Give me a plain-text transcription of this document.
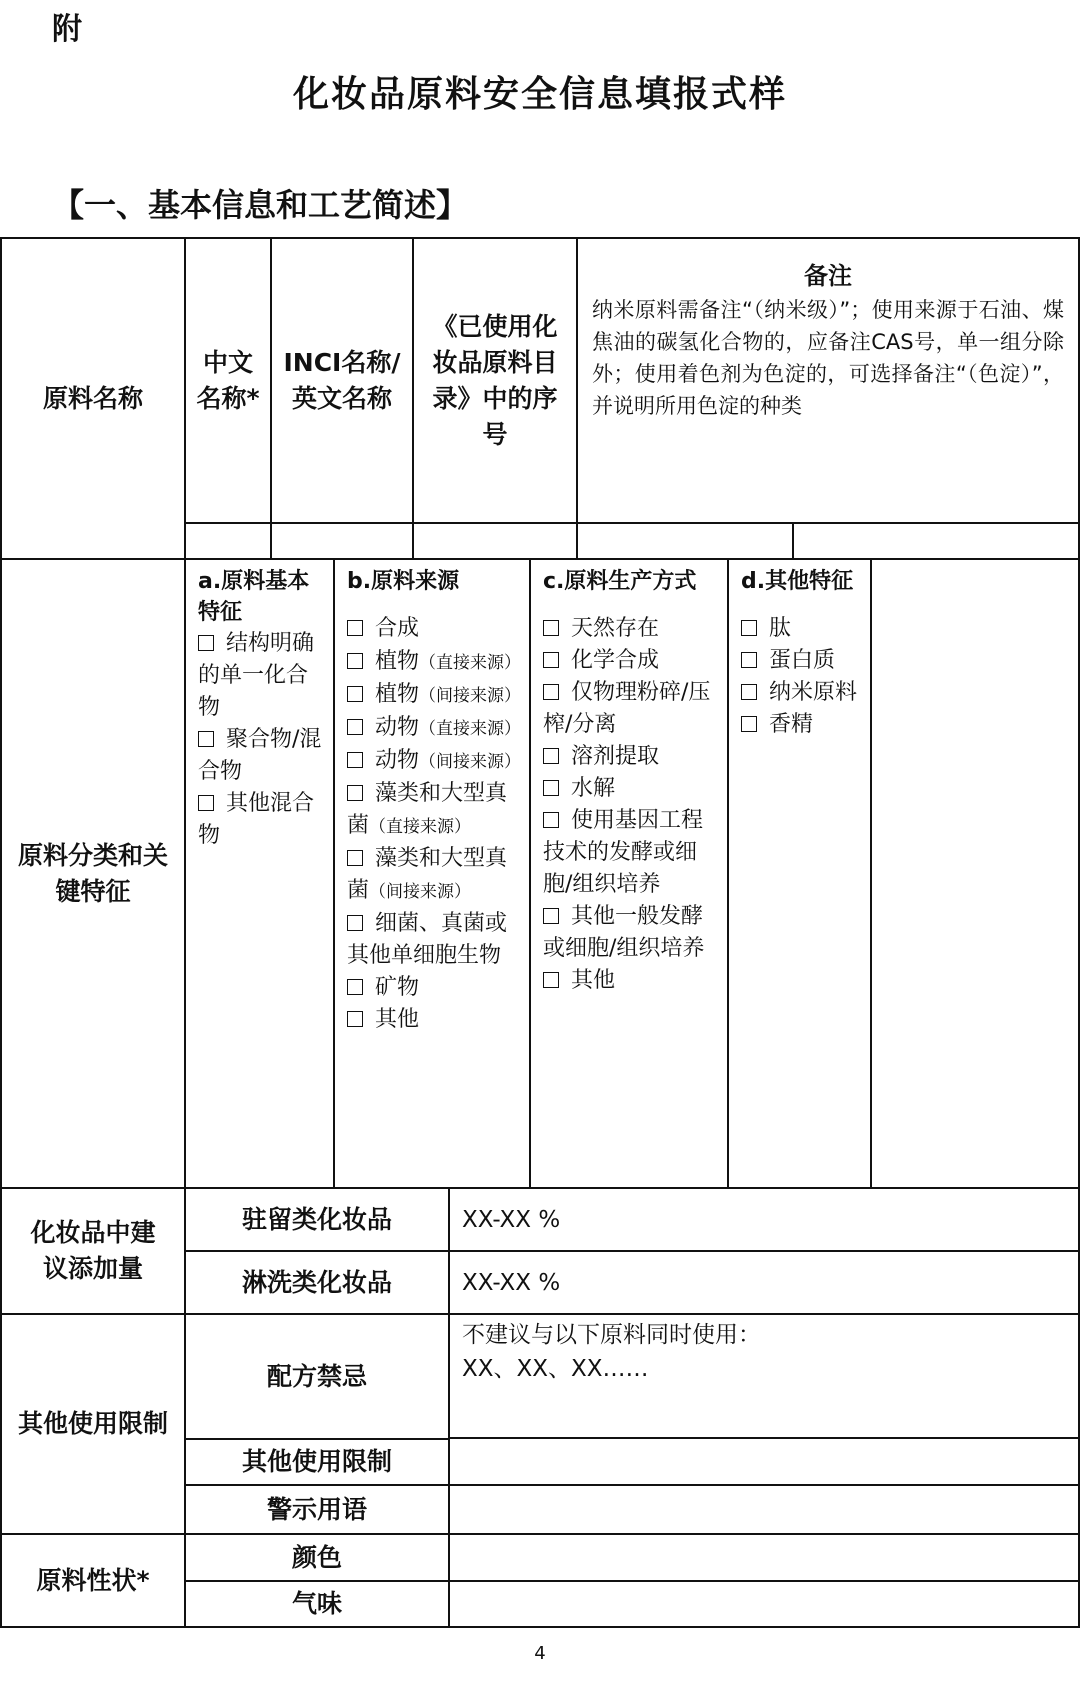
附
化妆品原料安全信息填报式样
【一、基本信息和工艺简述】
原料名称
中文名称*
INCI名称/英文名称
《已使用化妆品原料目录》中的序号
备注
纳米原料需备注“（纳米级）”；使用来源于石油、煤焦油的碳氢化合物的，应备注CAS号，单一组分除外；使用着色剂为色淀的，可选择备注“（色淀）”，并说明所用色淀的种类
原料分类和关键特征
a.原料基本特征
结构明确的单一化合物
聚合物/混合物
其他混合物
b.原料来源
合成
植物（直接来源）
植物（间接来源）
动物（直接来源）
动物（间接来源）
藻类和大型真菌（直接来源）
藻类和大型真菌（间接来源）
细菌、真菌或其他单细胞生物
矿物
其他
c.原料生产方式
天然存在
化学合成
仅物理粉碎/压榨/分离
溶剂提取
水解
使用基因工程技术的发酵或细胞/组织培养
其他一般发酵或细胞/组织培养
其他
d.其他特征
肽
蛋白质
纳米原料
香精
化妆品中建议添加量
驻留类化妆品	XX-XX %
淋洗类化妆品	XX-XX %
其他使用限制
配方禁忌
不建议与以下原料同时使用：
XX、XX、XX……
其他使用限制
警示用语
原料性状*
颜色
气味
4
